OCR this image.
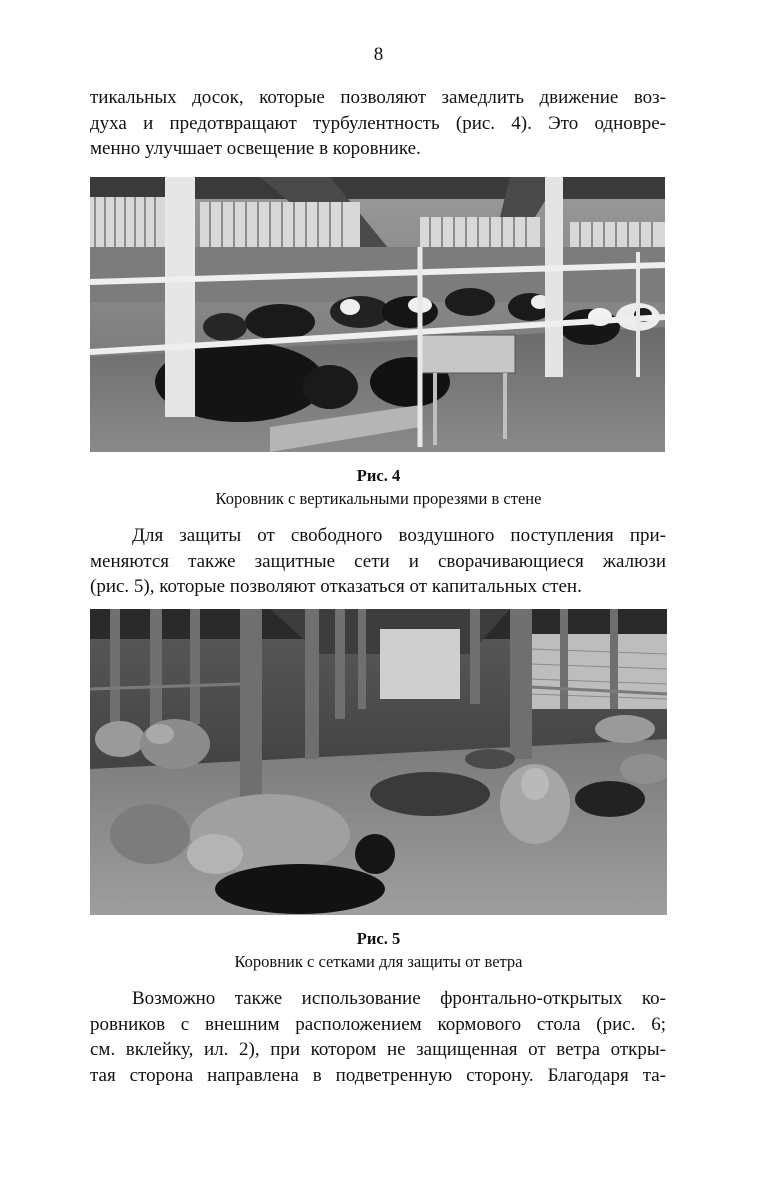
8

тикальных досок, которые позволяют замедлить движение воз-
духа и предотвращают турбулентность (рис. 4). Это одновре-
менно улучшает освещение в коровнике.

Рис. 4
Коровник с вертикальными прорезями в стене

Для защиты от свободного воздушного поступления при-
меняются также защитные сети и сворачивающиеся жалюзи
(рис. 5), которые позволяют отказаться от капитальных стен.

Рис. 5
Коровник с сетками для защиты от ветра

Возможно также использование фронтально-открытых ко-
ровников с внешним расположением кормового стола (рис. 6;
см. вклейку, ил. 2), при котором не защищенная от ветра откры-
тая сторона направлена в подветренную сторону. Благодаря та-
